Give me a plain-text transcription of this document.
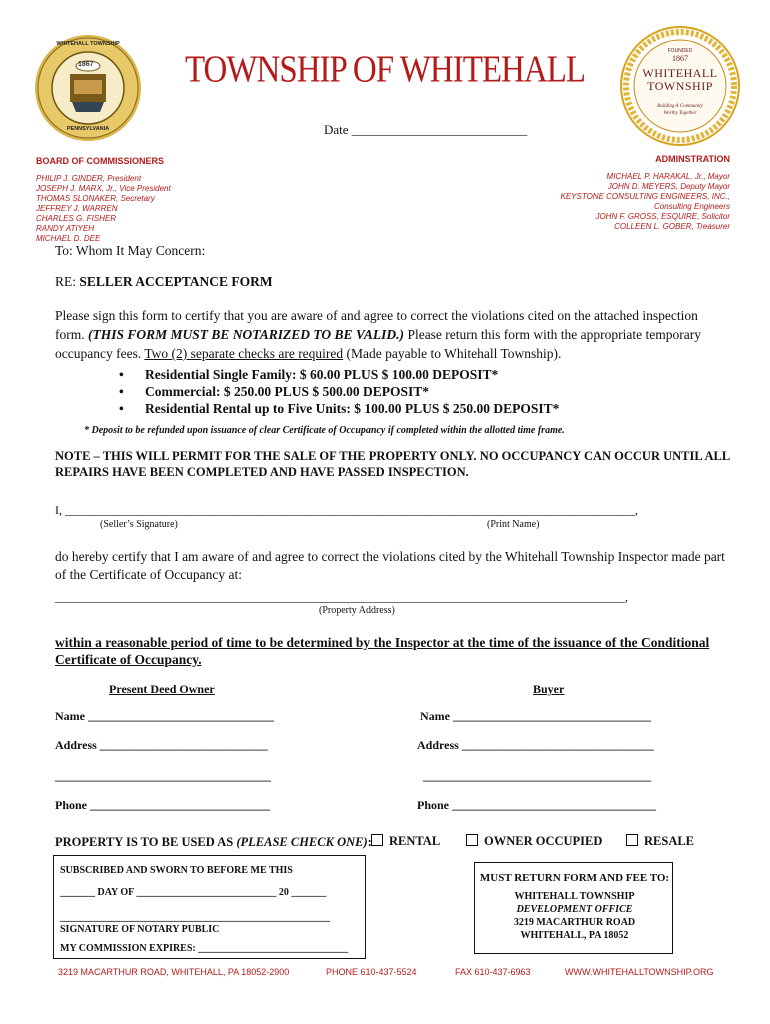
1867
WHITEHALL TOWNSHIP
PENNSYLVANIA
FOUNDED
1867
WHITEHALL
TOWNSHIP
Building A Community
Worthy Together
TOWNSHIP OF WHITEHALL
Date ___________________________
BOARD OF COMMISSIONERS
PHILIP J. GINDER, President
JOSEPH J. MARX, Jr., Vice President
THOMAS SLONAKER, Secretary
JEFFREY J. WARREN
CHARLES G. FISHER
RANDY ATIYEH
MICHAEL D. DEE
ADMINSTRATION
MICHAEL P. HARAKAL, Jr., Mayor
JOHN D. MEYERS, Deputy Mayor
KEYSTONE CONSULTING ENGINEERS, INC.,
Consulting Engineers
JOHN F. GROSS, ESQUIRE, Solicitor
COLLEEN L. GOBER, Treasurer
To: Whom It May Concern:
RE: SELLER ACCEPTANCE FORM
Please sign this form to certify that you are aware of and agree to correct the violations cited on the attached inspection form. (THIS FORM MUST BE NOTARIZED TO BE VALID.) Please return this form with the appropriate temporary occupancy fees. Two (2) separate checks are required (Made payable to Whitehall Township).
• Residential Single Family: $ 60.00 PLUS $ 100.00 DEPOSIT*
• Commercial: $ 250.00 PLUS $ 500.00 DEPOSIT*
• Residential Rental up to Five Units: $ 100.00 PLUS $ 250.00 DEPOSIT*
* Deposit to be refunded upon issuance of clear Certificate of Occupancy if completed within the allotted time frame.
NOTE – THIS WILL PERMIT FOR THE SALE OF THE PROPERTY ONLY. NO OCCUPANCY CAN OCCUR UNTIL ALL REPAIRS HAVE BEEN COMPLETED AND HAVE PASSED INSPECTION.
I, _______________________________________________________________________________________________,
(Seller’s Signature)	(Print Name)
do hereby certify that I am aware of and agree to correct the violations cited by the Whitehall Township Inspector made part of the Certificate of Occupancy at:
_______________________________________________________________________________________________,
(Property Address)
within a reasonable period of time to be determined by the Inspector at the time of the issuance of the Conditional Certificate of Occupancy.
Present Deed Owner	Buyer
Name _______________________________	Name _________________________________
Address ____________________________	Address ________________________________
____________________________________	______________________________________
Phone ______________________________	Phone __________________________________
PROPERTY IS TO BE USED AS (PLEASE CHECK ONE):	RENTAL	OWNER OCCUPIED	RESALE
SUBSCRIBED AND SWORN TO BEFORE ME THIS
_______ DAY OF ____________________________ 20 _______
______________________________________________________
SIGNATURE OF NOTARY PUBLIC
MY COMMISSION EXPIRES: ______________________________
MUST RETURN FORM AND FEE TO:
WHITEHALL TOWNSHIP
DEVELOPMENT OFFICE
3219 MACARTHUR ROAD
WHITEHALL, PA 18052
3219 MACARTHUR ROAD, WHITEHALL, PA 18052-2900	PHONE 610-437-5524	FAX 610-437-6963	WWW.WHITEHALLTOWNSHIP.ORG
